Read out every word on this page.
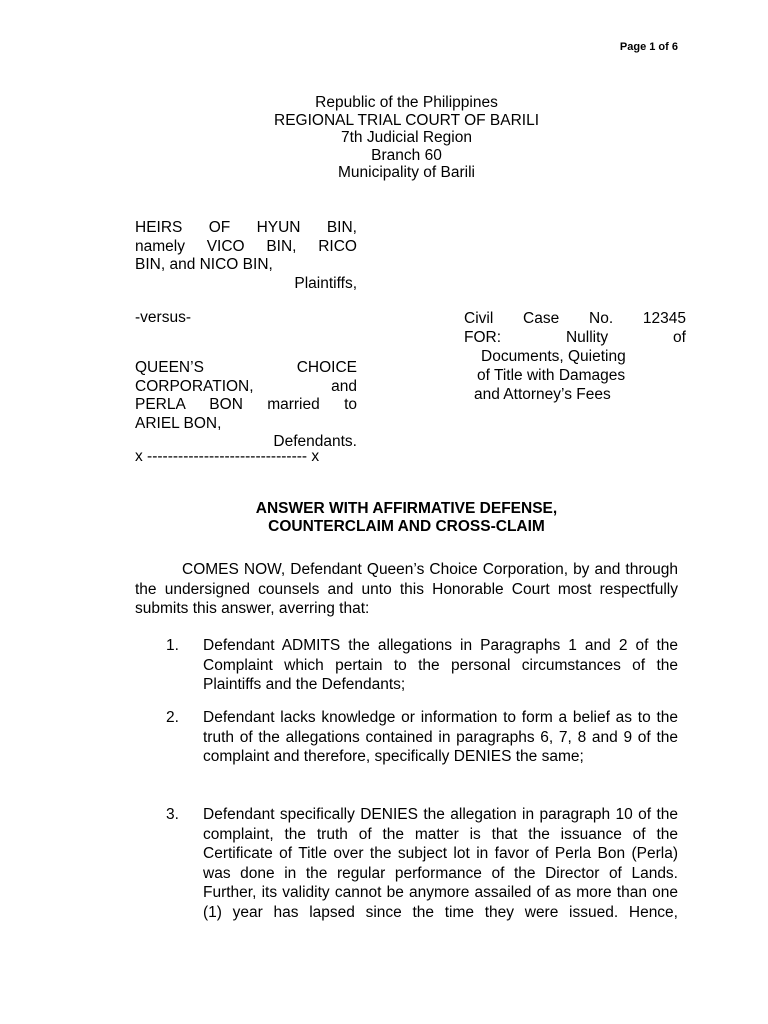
Page 1 of 6
Republic of the Philippines
REGIONAL TRIAL COURT OF BARILI
7th Judicial Region
Branch 60
Municipality of Barili
HEIRS OF HYUN BIN,
namely VICO BIN, RICO
BIN, and NICO BIN,
Plaintiffs,
-versus-
QUEEN’S CHOICE
CORPORATION, and
PERLA BON married to
ARIEL BON,
Defendants.
x ------------------------------- x
Civil Case No. 12345
FOR:	Nullity	of
Documents, Quieting
of Title with Damages
and Attorney’s Fees
ANSWER WITH AFFIRMATIVE DEFENSE,
COUNTERCLAIM AND CROSS-CLAIM
COMES NOW, Defendant Queen’s Choice Corporation, by and through the undersigned counsels and unto this Honorable Court most respectfully submits this answer, averring that:
1.	Defendant ADMITS the allegations in Paragraphs 1 and 2 of the Complaint which pertain to the personal circumstances of the Plaintiffs and the Defendants;
2.	Defendant lacks knowledge or information to form a belief as to the truth of the allegations contained in paragraphs 6, 7, 8 and 9 of the complaint and therefore, specifically DENIES the same;
3.	Defendant specifically DENIES the allegation in paragraph 10 of the complaint, the truth of the matter is that the issuance of the Certificate of Title over the subject lot in favor of Perla Bon (Perla) was done in the regular performance of the Director of Lands. Further, its validity cannot be anymore assailed of as more than one (1) year has lapsed since the time they were issued. Hence,
